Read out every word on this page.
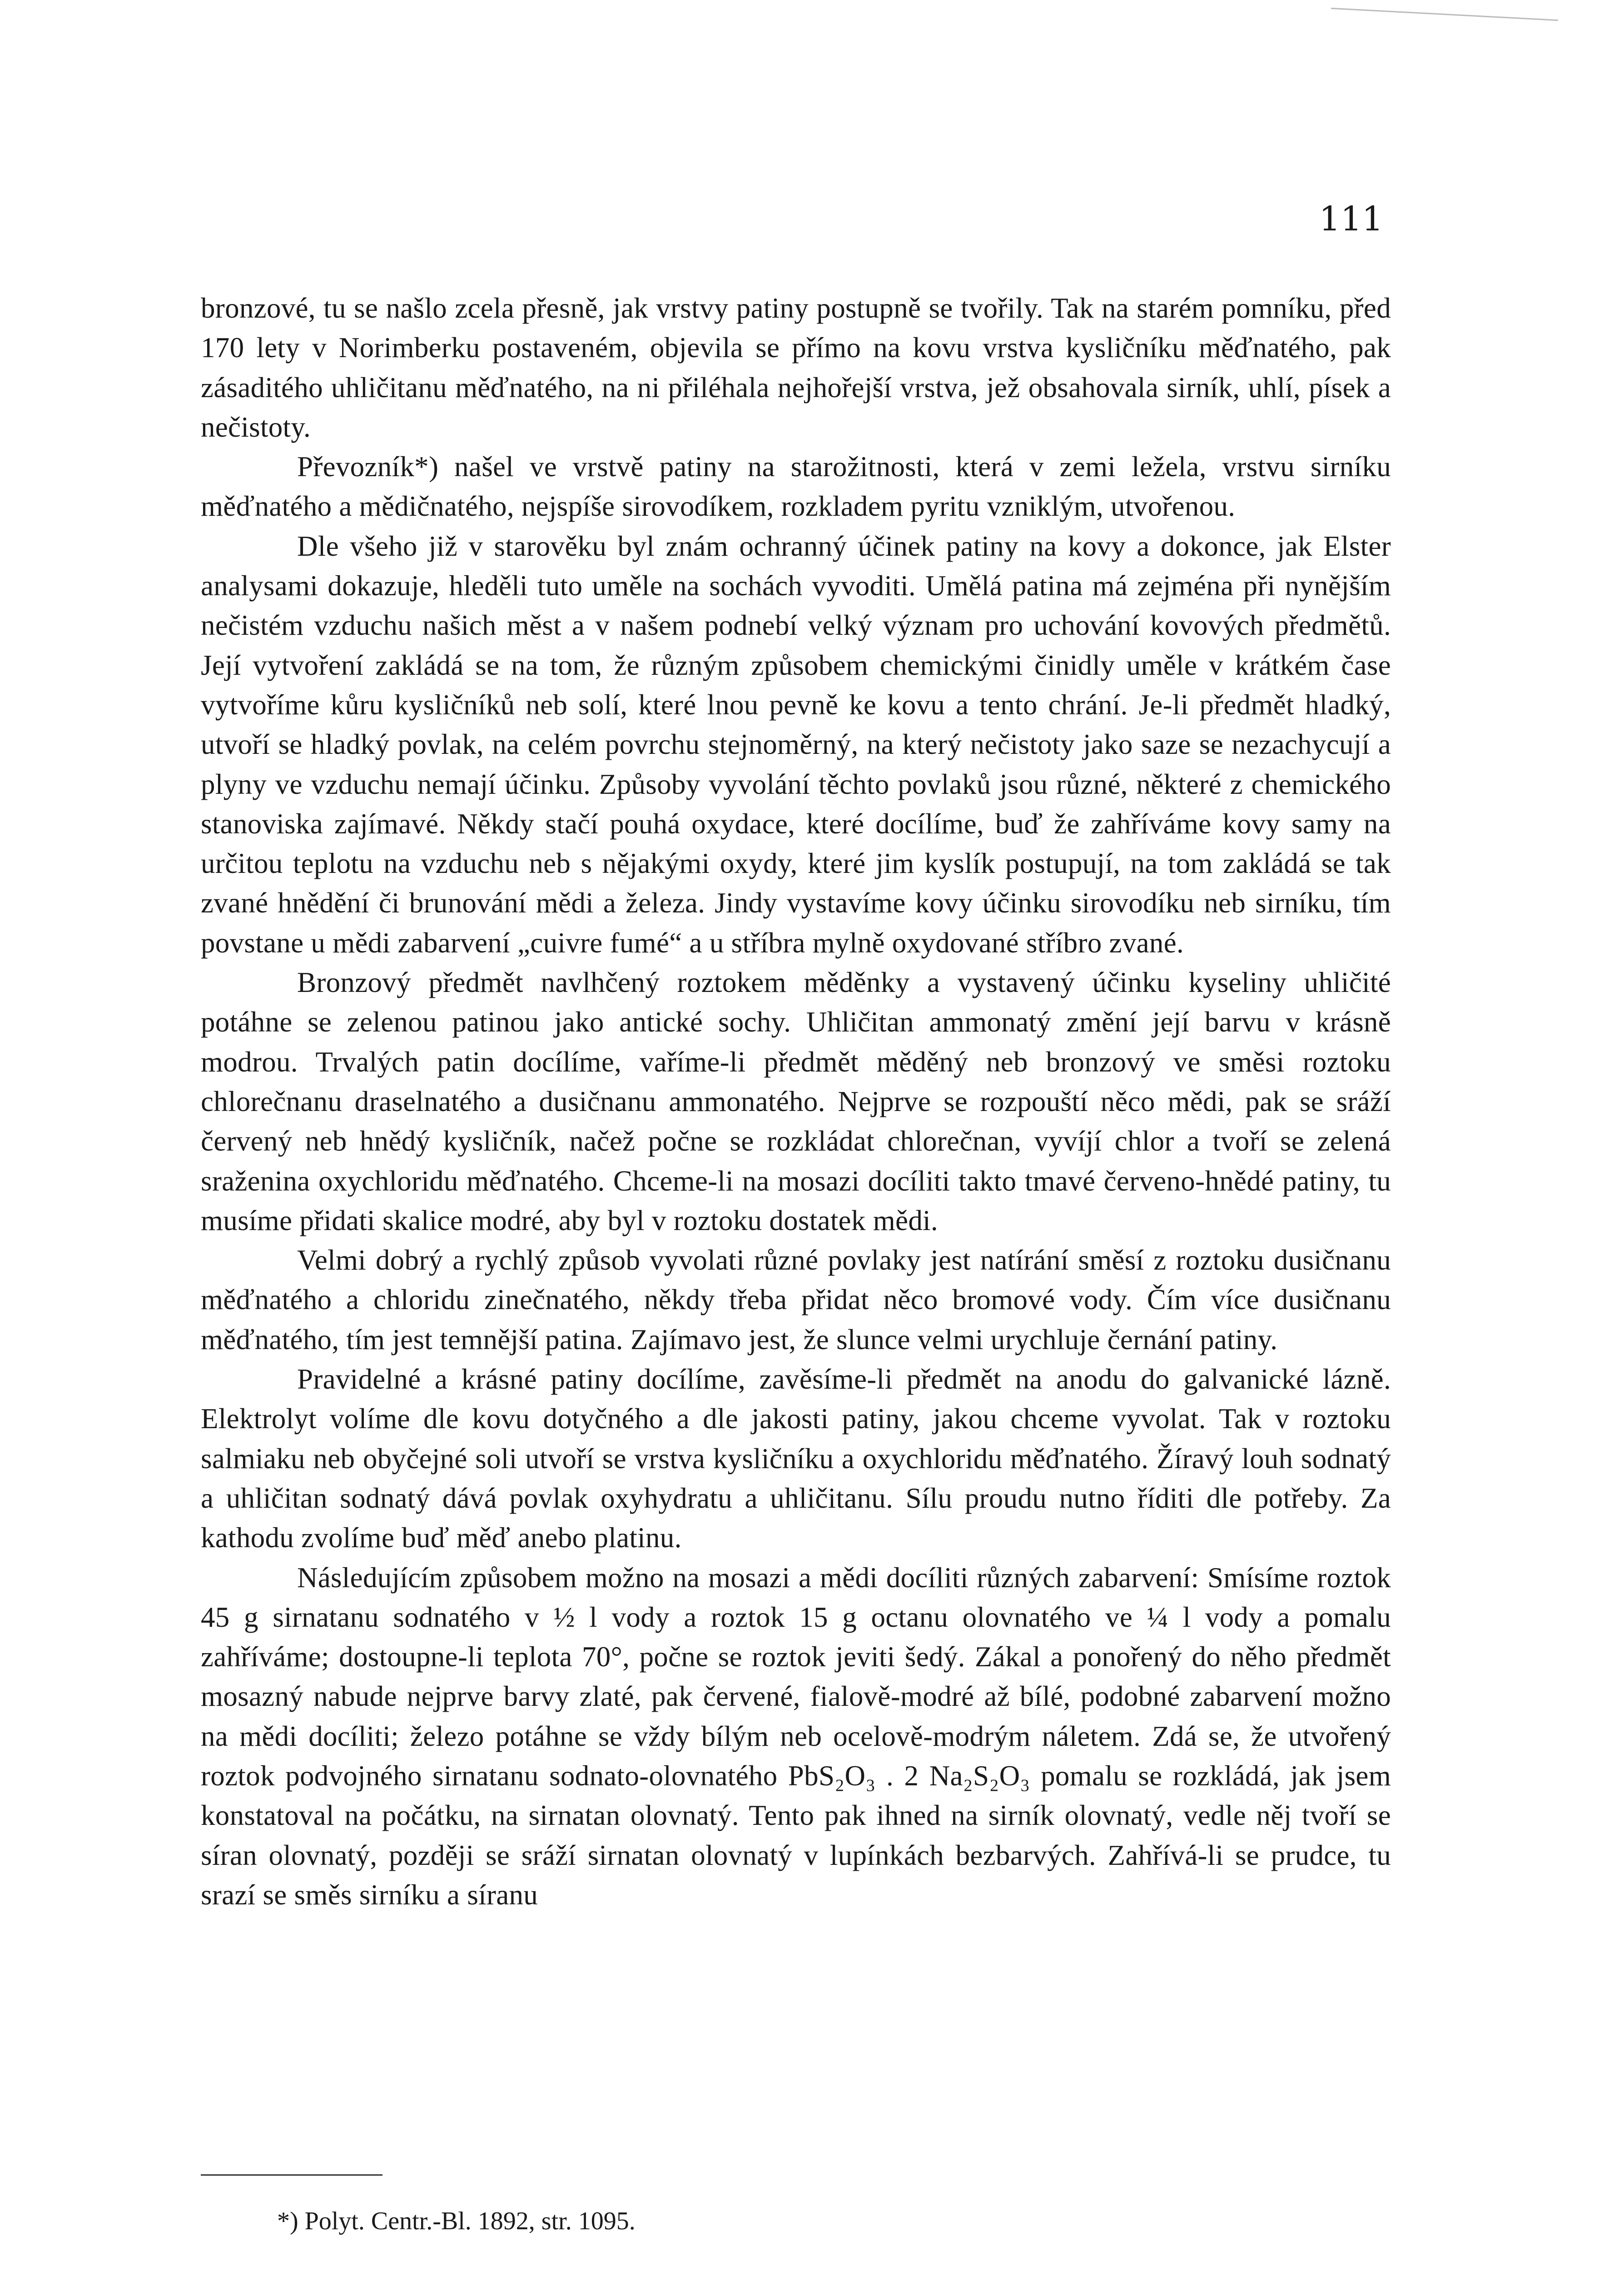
111

bronzové, tu se našlo zcela přesně, jak vrstvy patiny postupně se tvořily. Tak na starém pomníku, před 170 lety v Norimberku postaveném, objevila se přímo na kovu vrstva kysličníku měďnatého, pak zásaditého uhličitanu měďnatého, na ni přiléhala nejhořejší vrstva, jež obsahovala sirník, uhlí, písek a nečistoty.

Převozník*) našel ve vrstvě patiny na starožitnosti, která v zemi ležela, vrstvu sirníku měďnatého a mědičnatého, nejspíše sirovodíkem, rozkladem pyritu vzniklým, utvořenou.

Dle všeho již v starověku byl znám ochranný účinek patiny na kovy a dokonce, jak Elster analysami dokazuje, hleděli tuto uměle na sochách vyvoditi. Umělá patina má zejména při nynějším nečistém vzduchu našich měst a v našem podnebí velký význam pro uchování kovových předmětů. Její vytvoření zakládá se na tom, že různým způsobem chemickými činidly uměle v krátkém čase vytvoříme kůru kysličníků neb solí, které lnou pevně ke kovu a tento chrání. Je-li předmět hladký, utvoří se hladký povlak, na celém povrchu stejnoměrný, na který nečistoty jako saze se nezachycují a plyny ve vzduchu nemají účinku. Způsoby vyvolání těchto povlaků jsou různé, některé z chemického stanoviska zajímavé. Někdy stačí pouhá oxydace, které docílíme, buď že zahříváme kovy samy na určitou teplotu na vzduchu neb s nějakými oxydy, které jim kyslík postupují, na tom zakládá se tak zvané hnědění či brunování mědi a železa. Jindy vystavíme kovy účinku sirovodíku neb sirníku, tím povstane u mědi zabarvení „cuivre fumé“ a u stříbra mylně oxydované stříbro zvané.

Bronzový předmět navlhčený roztokem měděnky a vystavený účinku kyseliny uhličité potáhne se zelenou patinou jako antické sochy. Uhličitan ammonatý změní její barvu v krásně modrou. Trvalých patin docílíme, vaříme-li předmět měděný neb bronzový ve směsi roztoku chlorečnanu draselnatého a dusičnanu ammonatého. Nejprve se rozpouští něco mědi, pak se sráží červený neb hnědý kysličník, načež počne se rozkládat chlorečnan, vyvíjí chlor a tvoří se zelená sraženina oxychloridu měďnatého. Chceme-li na mosazi docíliti takto tmavé červeno-hnědé patiny, tu musíme přidati skalice modré, aby byl v roztoku dostatek mědi.

Velmi dobrý a rychlý způsob vyvolati různé povlaky jest natírání směsí z roztoku dusičnanu měďnatého a chloridu zinečnatého, někdy třeba přidat něco bromové vody. Čím více dusičnanu měďnatého, tím jest temnější patina. Zajímavo jest, že slunce velmi urychluje černání patiny.

Pravidelné a krásné patiny docílíme, zavěsíme-li předmět na anodu do galvanické lázně. Elektrolyt volíme dle kovu dotyčného a dle jakosti patiny, jakou chceme vyvolat. Tak v roztoku salmiaku neb obyčejné soli utvoří se vrstva kysličníku a oxychloridu měďnatého. Žíravý louh sodnatý a uhličitan sodnatý dává povlak oxyhydratu a uhličitanu. Sílu proudu nutno říditi dle potřeby. Za kathodu zvolíme buď měď anebo platinu.

Následujícím způsobem možno na mosazi a mědi docíliti různých zabarvení: Smísíme roztok 45 g sirnatanu sodnatého v ½ l vody a roztok 15 g octanu olovnatého ve ¼ l vody a pomalu zahříváme; dostoupne-li teplota 70°, počne se roztok jeviti šedý. Zákal a ponořený do něho předmět mosazný nabude nejprve barvy zlaté, pak červené, fialově-modré až bílé, podobné zabarvení možno na mědi docíliti; železo potáhne se vždy bílým neb ocelově-modrým náletem. Zdá se, že utvořený roztok podvojného sirnatanu sodnato-olovnatého PbS₂O₃ . 2 Na₂S₂O₃ pomalu se rozkládá, jak jsem konstatoval na počátku, na sirnatan olovnatý. Tento pak ihned na sirník olovnatý, vedle něj tvoří se síran olovnatý, později se sráží sirnatan olovnatý v lupínkách bezbarvých. Zahřívá-li se prudce, tu srazí se směs sirníku a síranu

*) Polyt. Centr.-Bl. 1892, str. 1095.
